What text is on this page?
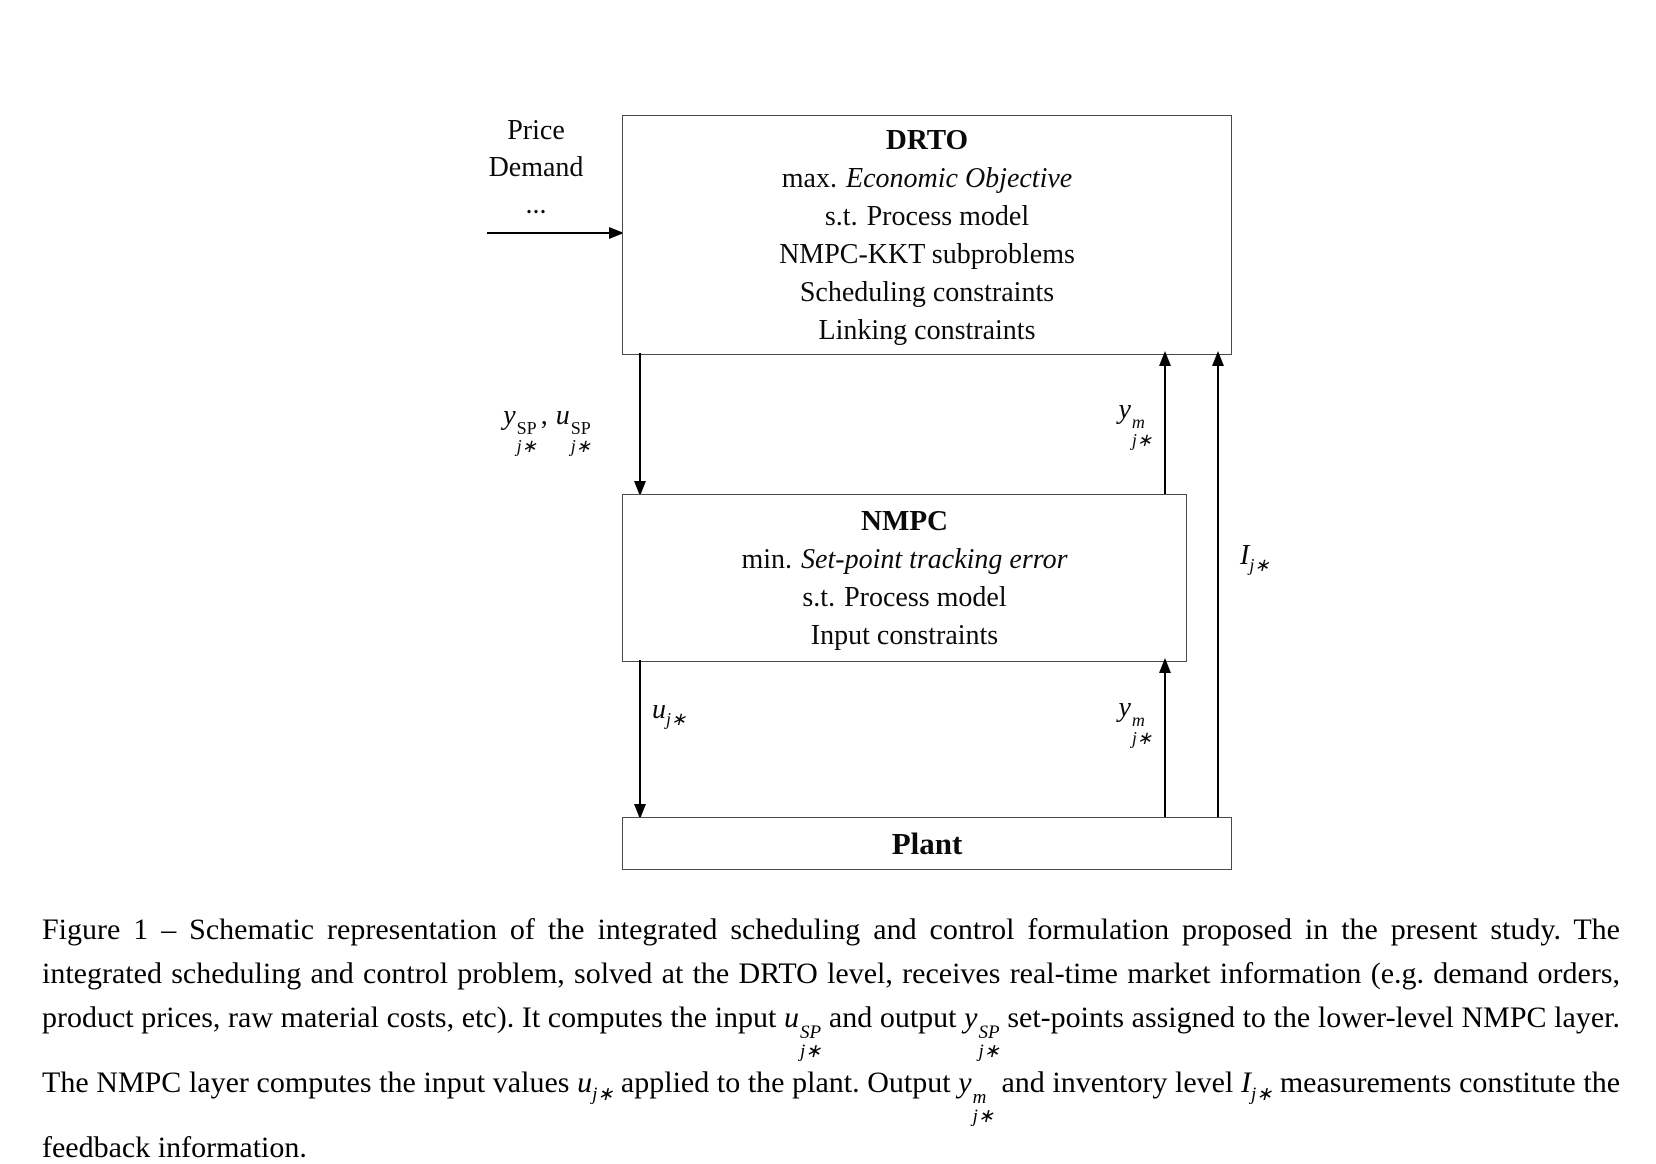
Price
Demand
...
DRTO
max. Economic Objective
s.t. Process model
NMPC-KKT subproblems
Scheduling constraints
Linking constraints
y SP
j∗
, u SP
j∗
y m
j∗
NMPC
min. Set-point tracking error
s.t. Process model
Input constraints
$u_{j∗}$	y m
j∗
$I_{j∗}$
Plant
Figure 1 – Schematic representation of the integrated scheduling and control formulation proposed in the present study. The integrated scheduling and control problem, solved at the DRTO level, receives real-time market information (e.g. demand orders, product prices, raw material costs, etc). It computes the input u SP
j∗
and output y SP
j∗
set-points assigned to the lower-level NMPC layer. The NMPC layer computes the input values $u_{j∗}$ applied to the plant. Output y m
j∗
and inventory level $I_{j∗}$ measurements constitute the feedback information.
